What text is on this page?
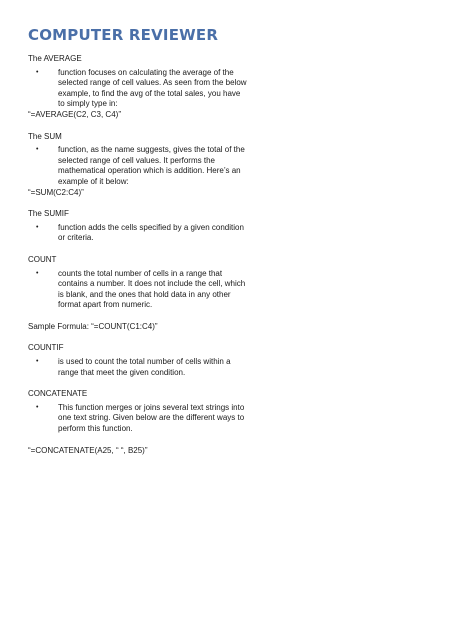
COMPUTER REVIEWER

The AVERAGE

• function focuses on calculating the average of the selected range of cell values. As seen from the below example, to find the avg of the total sales, you have to simply type in:

“=AVERAGE(C2, C3, C4)”

The SUM

• function, as the name suggests, gives the total of the selected range of cell values. It performs the mathematical operation which is addition. Here’s an example of it below:

“=SUM(C2:C4)”

The SUMIF

• function adds the cells specified by a given condition or criteria.

COUNT

• counts the total number of cells in a range that contains a number. It does not include the cell, which is blank, and the ones that hold data in any other format apart from numeric.

Sample Formula: “=COUNT(C1:C4)”

COUNTIF

• is used to count the total number of cells within a range that meet the given condition.

CONCATENATE

• This function merges or joins several text strings into one text string. Given below are the different ways to perform this function.

“=CONCATENATE(A25, “ “, B25)”
